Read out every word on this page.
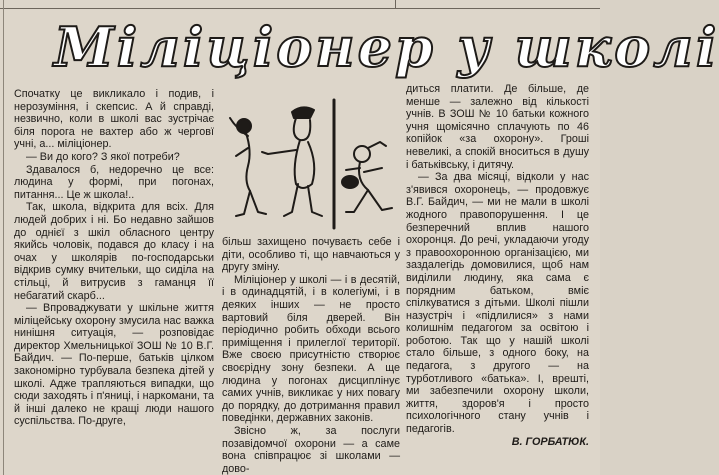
Міліціонер у школі

Спочатку це викликало і подив, і нерозуміння, і скепсис. А й справді, незвично, коли в школі вас зустрічає біля порога не вахтер або ж черговї учні, а... міліціонер.

— Ви до кого? З якої потреби?

Здавалося б, недоречно це все: людина у формі, при погонах, питання... Це ж школа!..

Так, школа, відкрита для всіх. Для людей добрих і ні. Бо недавно зайшов до однієї з шкіл обласного центру якийсь чоловік, подався до класу і на очах у школярів по-господарськи відкрив сумку вчительки, що сиділа на стільці, й витрусив з гаманця її небагатий скарб...

— Впроваджувати у шкільне життя міліцейську охорону змусила нас важка нинішня ситуація, — розповідає директор Хмельницької ЗОШ № 10 В.Г. Байдич. — По-перше, батьків цілком закономірно турбувала безпека дітей у школі. Адже трапляються випадки, що сюди заходять і п'яниці, і наркомани, та й інші далеко не кращі люди нашого суспільства. По-друге,

більш захищено почуваєть себе і діти, особливо ті, що навчаються у другу зміну.

Міліціонер у школі — і в десятій, і в одинадцятій, і в колегіумі, і в деяких інших — не просто вартовий біля дверей. Він періодично робить обходи всього приміщення і прилеглої території. Вже своєю присутністю створює своєрідну зону безпеки. А ще людина у погонах дисциплінує самих учнів, викликає у них повагу до порядку, до дотримання правил поведінки, державних законів.

Звісно ж, за послуги позавідомчої охорони — а саме вона співпрацює зі школами — дово-

диться платити. Де більше, де менше — залежно від кількості учнів. В ЗОШ № 10 батьки кожного учня щомісячно сплачують по 46 копійок «за охорону». Гроші невеликі, а спокій вноситься в душу і батьківську, і дитячу.

— За два місяці, відколи у нас з'явився охоронець, — продовжує В.Г. Байдич, — ми не мали в школі жодного правопорушення. І це безперечний вплив нашого охоронця. До речі, укладаючи угоду з правоохоронною організацією, ми заздалегідь домовилися, щоб нам виділили людину, яка сама є порядним батьком, вміє спілкуватися з дітьми. Школі пішли назустріч і «підлилися» з нами колишнім педагогом за освітою і роботою. Так що у нашій школі стало більше, з одного боку, на педагога, з другого — на турботливого «батька». І, врешті, ми забезпечили охорону школи, життя, здоров'я і просто психологічного стану учнів і педагогів.

В. ГОРБАТЮК.
